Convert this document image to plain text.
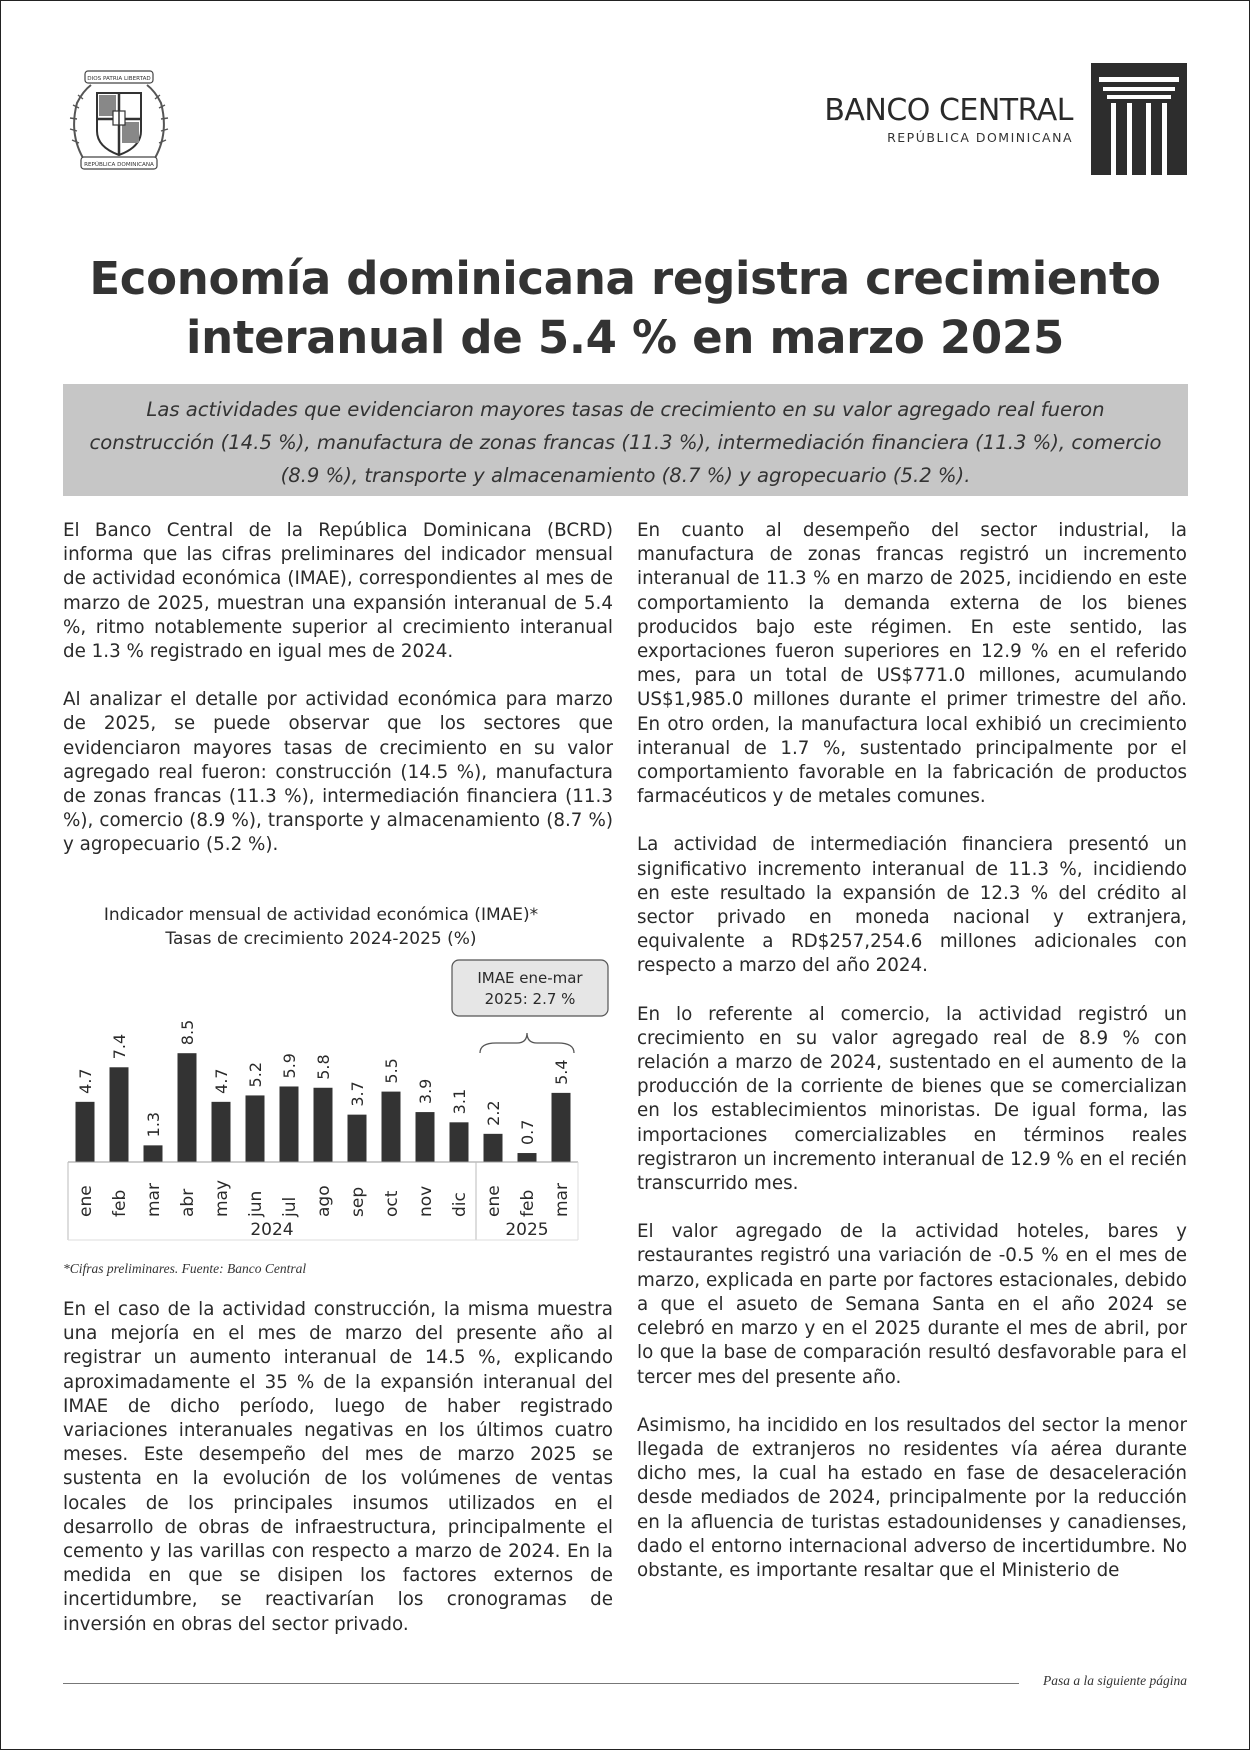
DIOS PATRIA LIBERTAD
REPÚBLICA DOMINICANA
BANCO CENTRAL
REPÚBLICA DOMINICANA
Economía dominicana registra crecimiento
interanual de 5.4 % en marzo 2025
Las actividades que evidenciaron mayores tasas de crecimiento en su valor agregado real fueron construcción (14.5 %), manufactura de zonas francas (11.3 %), intermediación financiera (11.3 %), comercio (8.9 %), transporte y almacenamiento (8.7 %) y agropecuario (5.2 %).

El Banco Central de la República Dominicana (BCRD) informa que las cifras preliminares del indicador mensual de actividad económica (IMAE), correspondientes al mes de marzo de 2025, muestran una expansión interanual de 5.4 %, ritmo notablemente superior al crecimiento interanual de 1.3 % registrado en igual mes de 2024.

Al analizar el detalle por actividad económica para marzo de 2025, se puede observar que los sectores que evidenciaron mayores tasas de crecimiento en su valor agregado real fueron: construcción (14.5 %), manufactura de zonas francas (11.3 %), intermediación financiera (11.3 %), comercio (8.9 %), transporte y almacenamiento (8.7 %) y agropecuario (5.2 %).

Indicador mensual de actividad económica (IMAE)*
Tasas de crecimiento 2024-2025 (%)
4.7
7.4
1.3
8.5
4.7 5.2 5.9 5.8
3.7
5.5
3.9 3.1 2.2
0.7
5.4
ene feb mar abr may jun jul ago sep oct nov dic ene feb mar
2024	2025
IMAE ene-mar
2025: 2.7 %
*Cifras preliminares. Fuente: Banco Central

En el caso de la actividad construcción, la misma muestra una mejoría en el mes de marzo del presente año al registrar un aumento interanual de 14.5 %, explicando aproximadamente el 35 % de la expansión interanual del IMAE de dicho período, luego de haber registrado variaciones interanuales negativas en los últimos cuatro meses. Este desempeño del mes de marzo 2025 se sustenta en la evolución de los volúmenes de ventas locales de los principales insumos utilizados en el desarrollo de obras de infraestructura, principalmente el cemento y las varillas con respecto a marzo de 2024. En la medida en que se disipen los factores externos de incertidumbre, se reactivarían los cronogramas de inversión en obras del sector privado.

En cuanto al desempeño del sector industrial, la manufactura de zonas francas registró un incremento interanual de 11.3 % en marzo de 2025, incidiendo en este comportamiento la demanda externa de los bienes producidos bajo este régimen. En este sentido, las exportaciones fueron superiores en 12.9 % en el referido mes, para un total de US$771.0 millones, acumulando US$1,985.0 millones durante el primer trimestre del año. En otro orden, la manufactura local exhibió un crecimiento interanual de 1.7 %, sustentado principalmente por el comportamiento favorable en la fabricación de productos farmacéuticos y de metales comunes.

La actividad de intermediación financiera presentó un significativo incremento interanual de 11.3 %, incidiendo en este resultado la expansión de 12.3 % del crédito al sector privado en moneda nacional y extranjera, equivalente a RD$257,254.6 millones adicionales con respecto a marzo del año 2024.

En lo referente al comercio, la actividad registró un crecimiento en su valor agregado real de 8.9 % con relación a marzo de 2024, sustentado en el aumento de la producción de la corriente de bienes que se comercializan en los establecimientos minoristas. De igual forma, las importaciones comercializables en términos reales registraron un incremento interanual de 12.9 % en el recién transcurrido mes.

El valor agregado de la actividad hoteles, bares y restaurantes registró una variación de -0.5 % en el mes de marzo, explicada en parte por factores estacionales, debido a que el asueto de Semana Santa en el año 2024 se celebró en marzo y en el 2025 durante el mes de abril, por lo que la base de comparación resultó desfavorable para el tercer mes del presente año.

Asimismo, ha incidido en los resultados del sector la menor llegada de extranjeros no residentes vía aérea durante dicho mes, la cual ha estado en fase de desaceleración desde mediados de 2024, principalmente por la reducción en la afluencia de turistas estadounidenses y canadienses, dado el entorno internacional adverso de incertidumbre. No obstante, es importante resaltar que el Ministerio de

Pasa a la siguiente página
